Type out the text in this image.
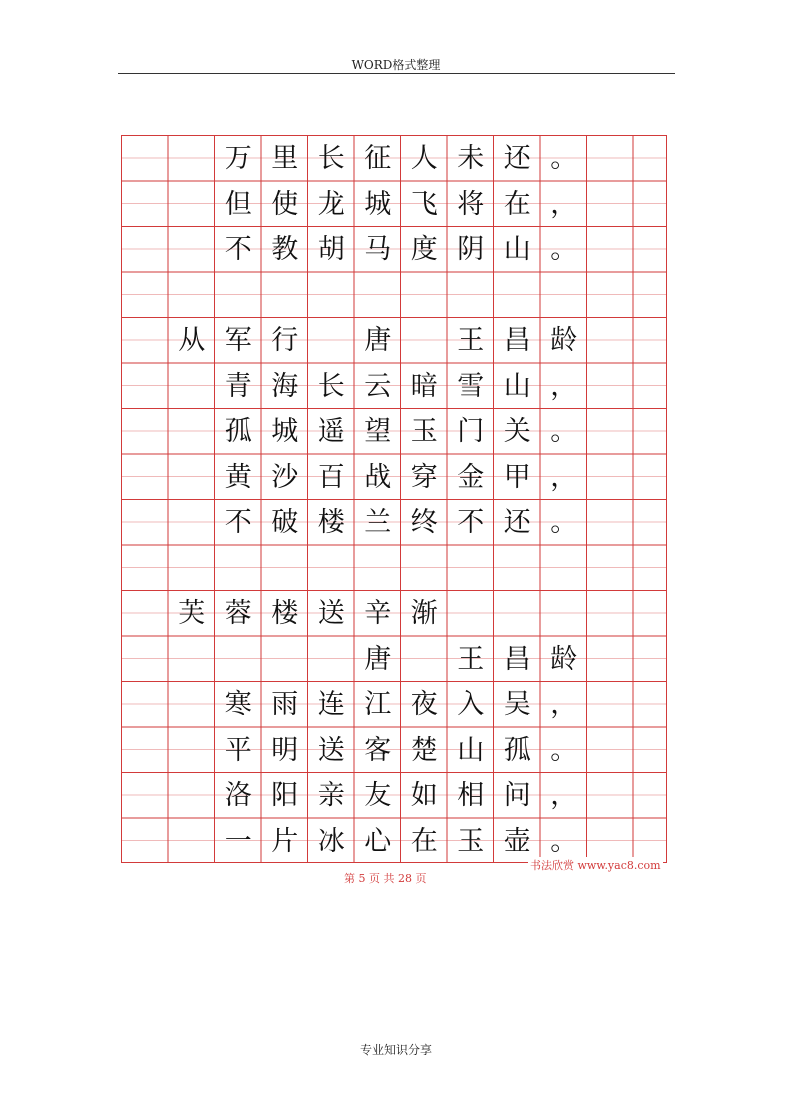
WORD格式整理
万 里 长 征 人 未 还 。
但 使 龙 城 飞 将 在 ，
不 教 胡 马 度 阴 山 。
从 军 行	唐	王 昌 龄
青 海 长 云 暗 雪 山 ，
孤 城 遥 望 玉 门 关 。
黄 沙 百 战 穿 金 甲 ，
不 破 楼 兰 终 不 还 。
芙 蓉 楼 送 辛 渐
唐	王 昌 龄
寒 雨 连 江 夜 入 吴 ，
平 明 送 客 楚 山 孤 。
洛 阳 亲 友 如 相 问 ，
一 片 冰 心 在 玉 壶 。
书法欣赏 www.yac8.com
第 5 页 共 28 页
专业知识分享
